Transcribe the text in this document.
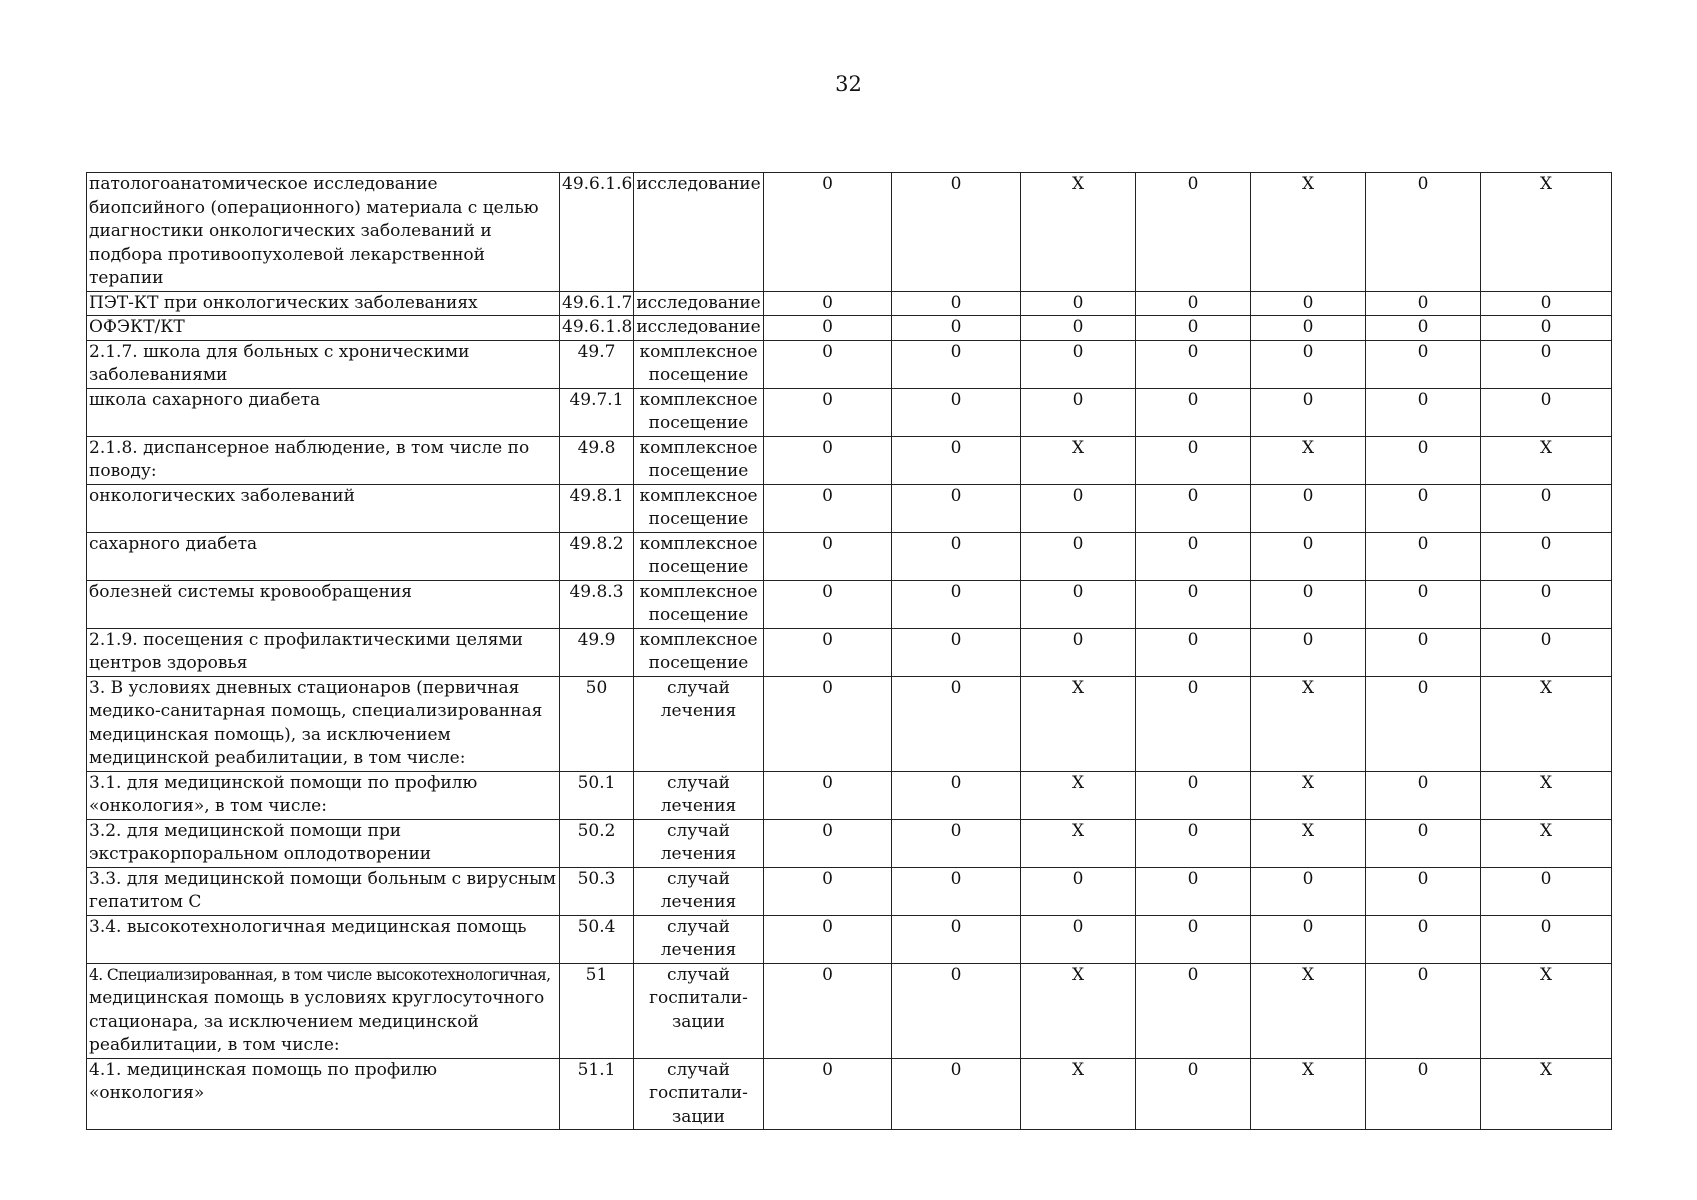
32
патологоанатомическое исследование биопсийного (операционного) материала с целью диагностики онкологических заболеваний и подбора противоопухолевой лекарственной терапии	49.6.1.6	исследование	0	0	X	0	X	0	X
ПЭТ-КТ при онкологических заболеваниях	49.6.1.7	исследование	0	0	0	0	0	0	0
ОФЭКТ/КТ	49.6.1.8	исследование	0	0	0	0	0	0	0
2.1.7. школа для больных с хроническими заболеваниями	49.7	комплексное посещение	0	0	0	0	0	0	0
школа сахарного диабета	49.7.1	комплексное посещение	0	0	0	0	0	0	0
2.1.8. диспансерное наблюдение, в том числе по поводу:	49.8	комплексное посещение	0	0	X	0	X	0	X
онкологических заболеваний	49.8.1	комплексное посещение	0	0	0	0	0	0	0
сахарного диабета	49.8.2	комплексное посещение	0	0	0	0	0	0	0
болезней системы кровообращения	49.8.3	комплексное посещение	0	0	0	0	0	0	0
2.1.9. посещения с профилактическими целями центров здоровья	49.9	комплексное посещение	0	0	0	0	0	0	0
3. В условиях дневных стационаров (первичная медико-санитарная помощь, специализированная медицинская помощь), за исключением медицинской реабилитации, в том числе:	50	случай лечения	0	0	X	0	X	0	X
3.1. для медицинской помощи по профилю «онкология», в том числе:	50.1	случай лечения	0	0	X	0	X	0	X
3.2. для медицинской помощи при экстракорпоральном оплодотворении	50.2	случай лечения	0	0	X	0	X	0	X
3.3. для медицинской помощи больным с вирусным гепатитом С	50.3	случай лечения	0	0	0	0	0	0	0
3.4. высокотехнологичная медицинская помощь	50.4	случай лечения	0	0	0	0	0	0	0
4. Специализированная, в том числе высокотехнологичная, медицинская помощь в условиях круглосуточного стационара, за исключением медицинской реабилитации, в том числе:	51	случай госпитали-зации	0	0	X	0	X	0	X
4.1. медицинская помощь по профилю «онкология»	51.1	случай госпитали-зации	0	0	X	0	X	0	X
